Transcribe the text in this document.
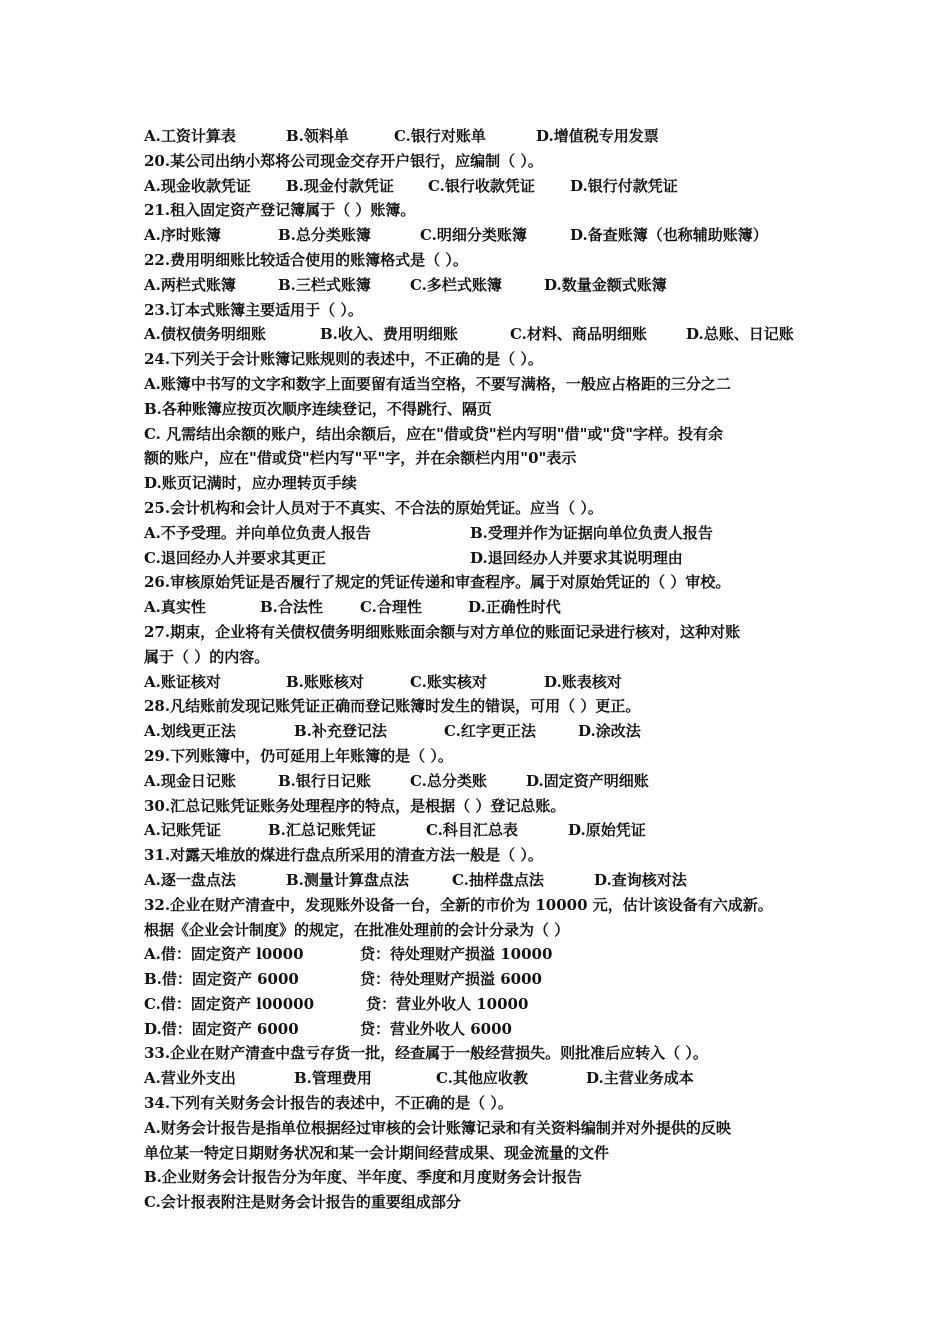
A.工资计算表	B.领料单	C.银行对账单	D.增值税专用发票
20.某公司出纳小郑将公司现金交存开户银行，应编制（ ）。
A.现金收款凭证 B.现金付款凭证 C.银行收款凭证 D.银行付款凭证
21.租入固定资产登记簿属于（ ）账簿。
A.序时账簿	B.总分类账簿	C.明细分类账簿	D.备查账簿（也称辅助账簿）
22.费用明细账比较适合使用的账簿格式是（ ）。
A.两栏式账簿	B.三栏式账簿	C.多栏式账簿	D.数量金额式账簿
23.订本式账簿主要适用于（ ）。
A.债权债务明细账	B.收入、费用明细账	C.材料、商品明细账	D.总账、日记账
24.下列关于会计账簿记账规则的表述中，不正确的是（ ）。
A.账簿中书写的文字和数字上面要留有适当空格，不要写满格，一般应占格距的三分之二
B.各种账簿应按页次顺序连续登记，不得跳行、隔页
C. 凡需结出余额的账户，结出余额后，应在"借或贷"栏内写明"借"或"贷"字样。投有余
额的账户，应在"借或贷"栏内写"平"字，并在余额栏内用"0"表示
D.账页记满时，应办理转页手续
25.会计机构和会计人员对于不真实、不合法的原始凭证。应当（ ）。
A.不予受理。并向单位负责人报告	B.受理并作为证据向单位负责人报告
C.退回经办人并要求其更正	D.退回经办人并要求其说明理由
26.审核原始凭证是否履行了规定的凭证传递和审查程序。属于对原始凭证的（ ）审校。
A.真实性	B.合法性 C.合理性	D.正确性时代
27.期束，企业将有关债权债务明细账账面余额与对方单位的账面记录进行核对，这种对账
属于（ ）的内容。
A.账证核对	B.账账核对	C.账实核对	D.账表核对
28.凡结账前发现记账凭证正确而登记账簿时发生的错误，可用（ ）更正。
A.划线更正法	B.补充登记法	C.红字更正法	D.涂改法
29.下列账簿中，仍可延用上年账簿的是（ ）。
A.现金日记账	B.银行日记账	C.总分类账	D.固定资产明细账
30.汇总记账凭证账务处理程序的特点，是根据（ ）登记总账。
A.记账凭证	B.汇总记账凭证	C.科目汇总表	D.原始凭证
31.对露天堆放的煤进行盘点所采用的清查方法一般是（ ）。
A.逐一盘点法	B.测量计算盘点法	C.抽样盘点法	D.查询核对法
32.企业在财产清查中，发现账外设备一台，全新的市价为 10000 元，估计该设备有六成新。
根据《企业会计制度》的规定，在批准处理前的会计分录为（ ）
A.借：固定资产 l0000	贷：待处理财产损溢 10000
B.借：固定资产 6000	贷：待处理财产损溢 6000
C.借：固定资产 l00000	贷：营业外收人 10000
D.借：固定资产 6000	贷：营业外收人 6000
33.企业在财产清查中盘亏存货一批，经查属于一般经营损失。则批准后应转入（ ）。
A.营业外支出	B.管理费用	C.其他应收教	D.主营业务成本
34.下列有关财务会计报告的表述中，不正确的是（ ）。
A.财务会计报告是指单位根据经过审核的会计账簿记录和有关资料编制并对外提供的反映
单位某一特定日期财务状况和某一会计期间经营成果、现金流量的文件
B.企业财务会计报告分为年度、半年度、季度和月度财务会计报告
C.会计报表附注是财务会计报告的重要组成部分
